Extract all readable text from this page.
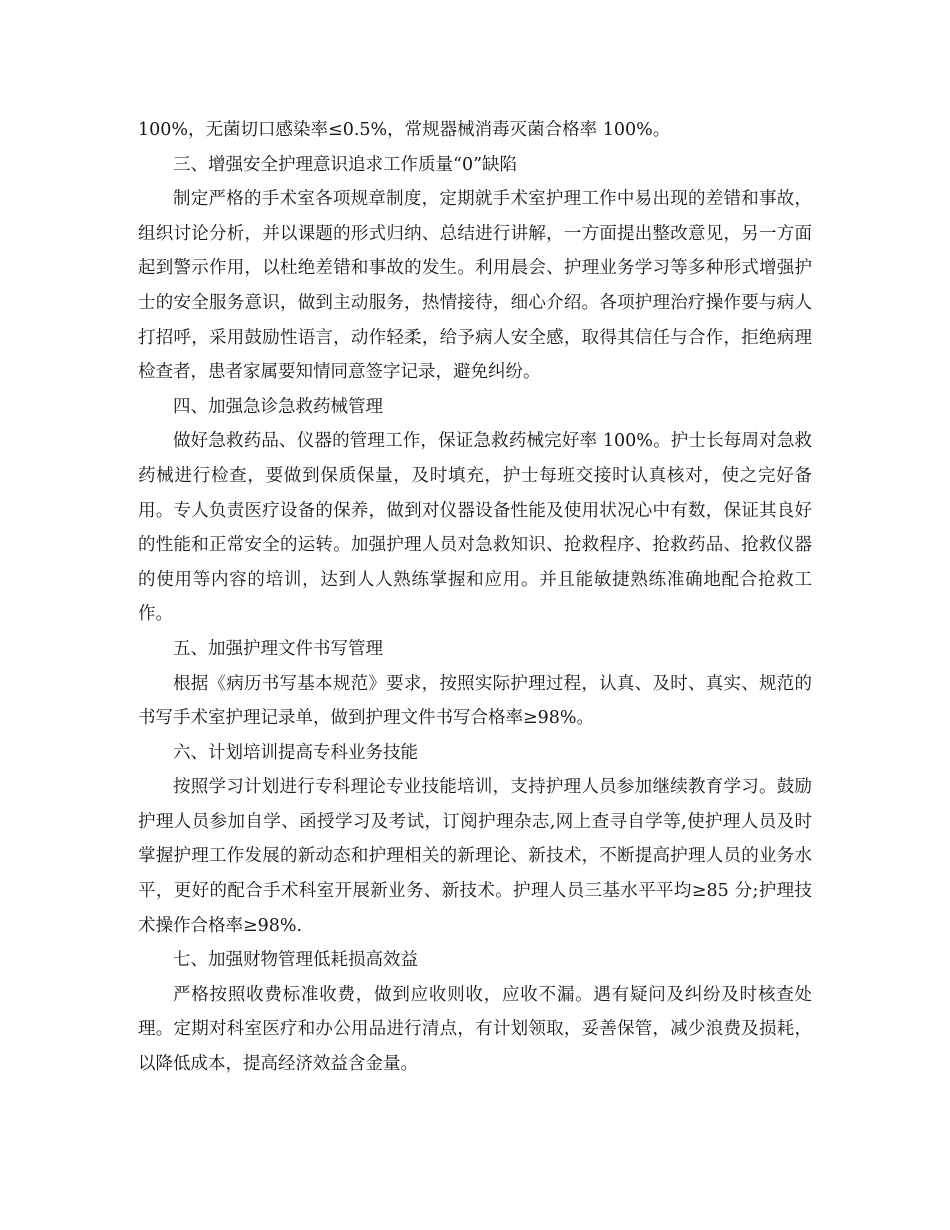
100%，无菌切口感染率≤0.5%，常规器械消毒灭菌合格率 100%。

三、增强安全护理意识追求工作质量“0”缺陷

制定严格的手术室各项规章制度，定期就手术室护理工作中易出现的差错和事故，组织讨论分析，并以课题的形式归纳、总结进行讲解，一方面提出整改意见，另一方面起到警示作用，以杜绝差错和事故的发生。利用晨会、护理业务学习等多种形式增强护士的安全服务意识，做到主动服务，热情接待，细心介绍。各项护理治疗操作要与病人打招呼，采用鼓励性语言，动作轻柔，给予病人安全感，取得其信任与合作，拒绝病理检查者，患者家属要知情同意签字记录，避免纠纷。

四、加强急诊急救药械管理

做好急救药品、仪器的管理工作，保证急救药械完好率 100%。护士长每周对急救药械进行检查，要做到保质保量，及时填充，护士每班交接时认真核对，使之完好备用。专人负责医疗设备的保养，做到对仪器设备性能及使用状况心中有数，保证其良好的性能和正常安全的运转。加强护理人员对急救知识、抢救程序、抢救药品、抢救仪器的使用等内容的培训，达到人人熟练掌握和应用。并且能敏捷熟练准确地配合抢救工作。

五、加强护理文件书写管理

根据《病历书写基本规范》要求，按照实际护理过程，认真、及时、真实、规范的书写手术室护理记录单，做到护理文件书写合格率≥98%。

六、计划培训提高专科业务技能

按照学习计划进行专科理论专业技能培训，支持护理人员参加继续教育学习。鼓励护理人员参加自学、函授学习及考试，订阅护理杂志,网上查寻自学等,使护理人员及时掌握护理工作发展的新动态和护理相关的新理论、新技术，不断提高护理人员的业务水平，更好的配合手术科室开展新业务、新技术。护理人员三基水平平均≥85 分;护理技术操作合格率≥98%.

七、加强财物管理低耗损高效益

严格按照收费标准收费，做到应收则收，应收不漏。遇有疑问及纠纷及时核查处理。定期对科室医疗和办公用品进行清点，有计划领取，妥善保管，减少浪费及损耗，以降低成本，提高经济效益含金量。
